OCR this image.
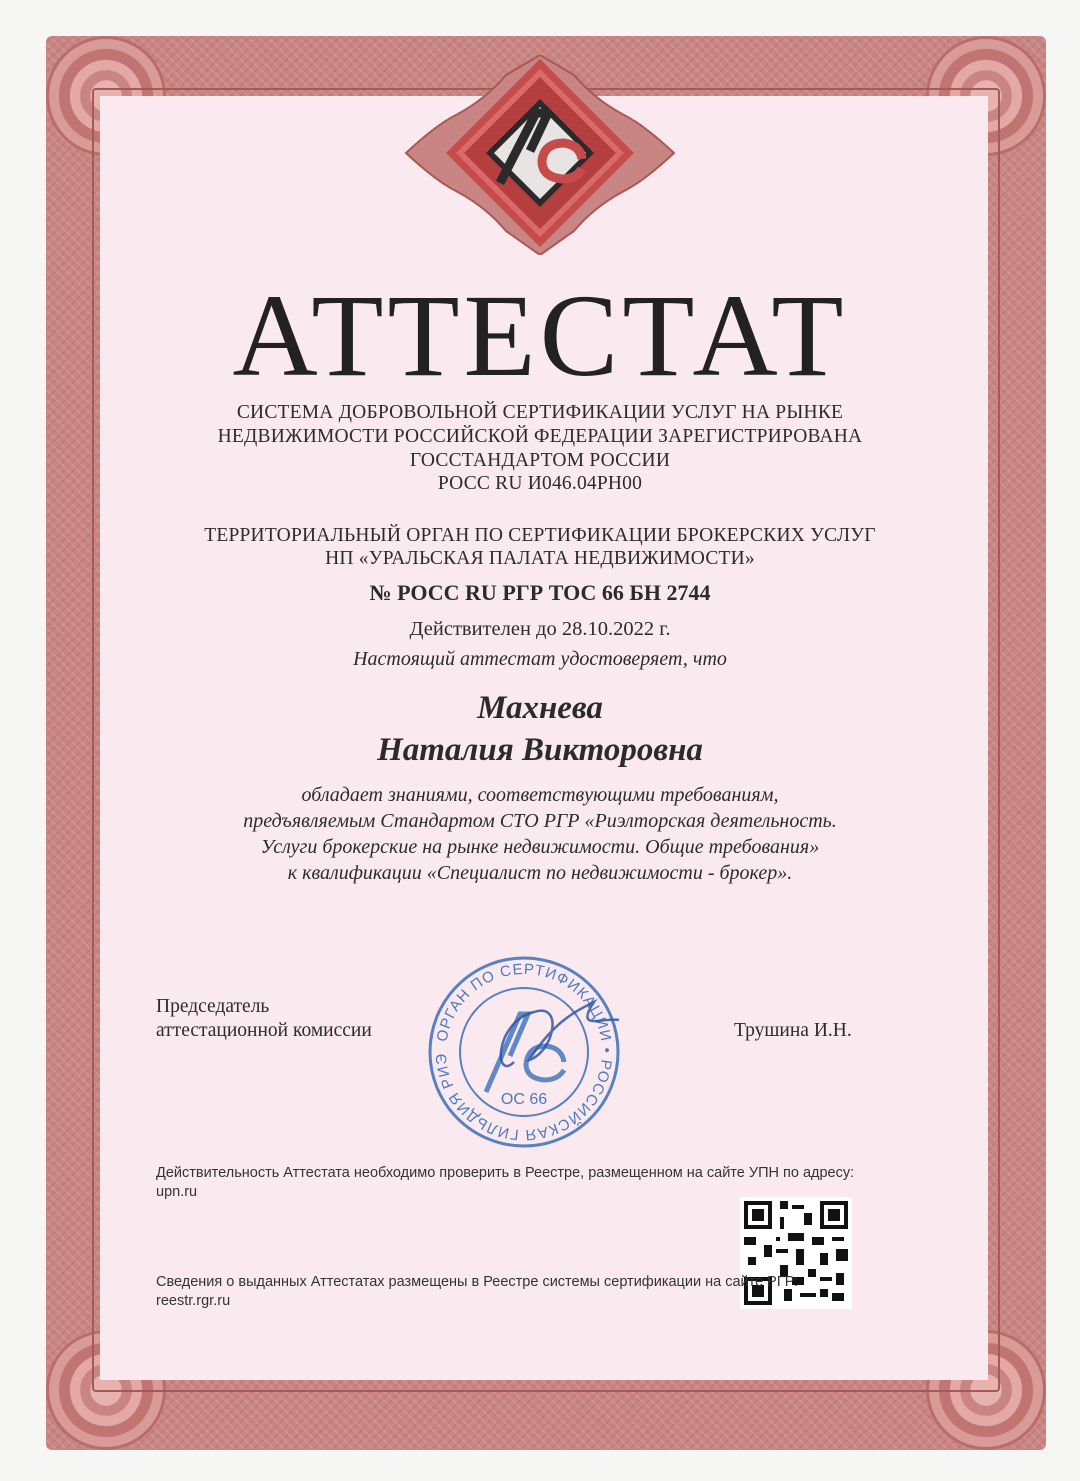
АТТЕСТАТ
СИСТЕМА ДОБРОВОЛЬНОЙ СЕРТИФИКАЦИИ УСЛУГ НА РЫНКЕ
НЕДВИЖИМОСТИ РОССИЙСКОЙ ФЕДЕРАЦИИ ЗАРЕГИСТРИРОВАНА
ГОССТАНДАРТОМ РОССИИ
РОСС RU И046.04РН00
ТЕРРИТОРИАЛЬНЫЙ ОРГАН ПО СЕРТИФИКАЦИИ БРОКЕРСКИХ УСЛУГ
НП «УРАЛЬСКАЯ ПАЛАТА НЕДВИЖИМОСТИ»
№ РОСС RU РГР ТОС 66 БН 2744
Действителен до 28.10.2022 г.
Настоящий аттестат удостоверяет, что
Махнева
Наталия Викторовна
обладает знаниями, соответствующими требованиям,
предъявляемым Стандартом СТО РГР «Риэлторская деятельность.
Услуги брокерские на рынке недвижимости. Общие требования»
к квалификации «Специалист по недвижимости - брокер».
Председатель
аттестационной комиссии	Трушина И.Н.
ОРГАН ПО СЕРТИФИКАЦИИ • РОССИЙСКАЯ ГИЛЬДИЯ РИЭ
ОС 66
Действительность Аттестата необходимо проверить в Реестре, размещенном на сайте УПН по адресу: upn.ru
Сведения о выданных Аттестатах размещены в Реестре системы сертификации на сайте РГР: reestr.rgr.ru
